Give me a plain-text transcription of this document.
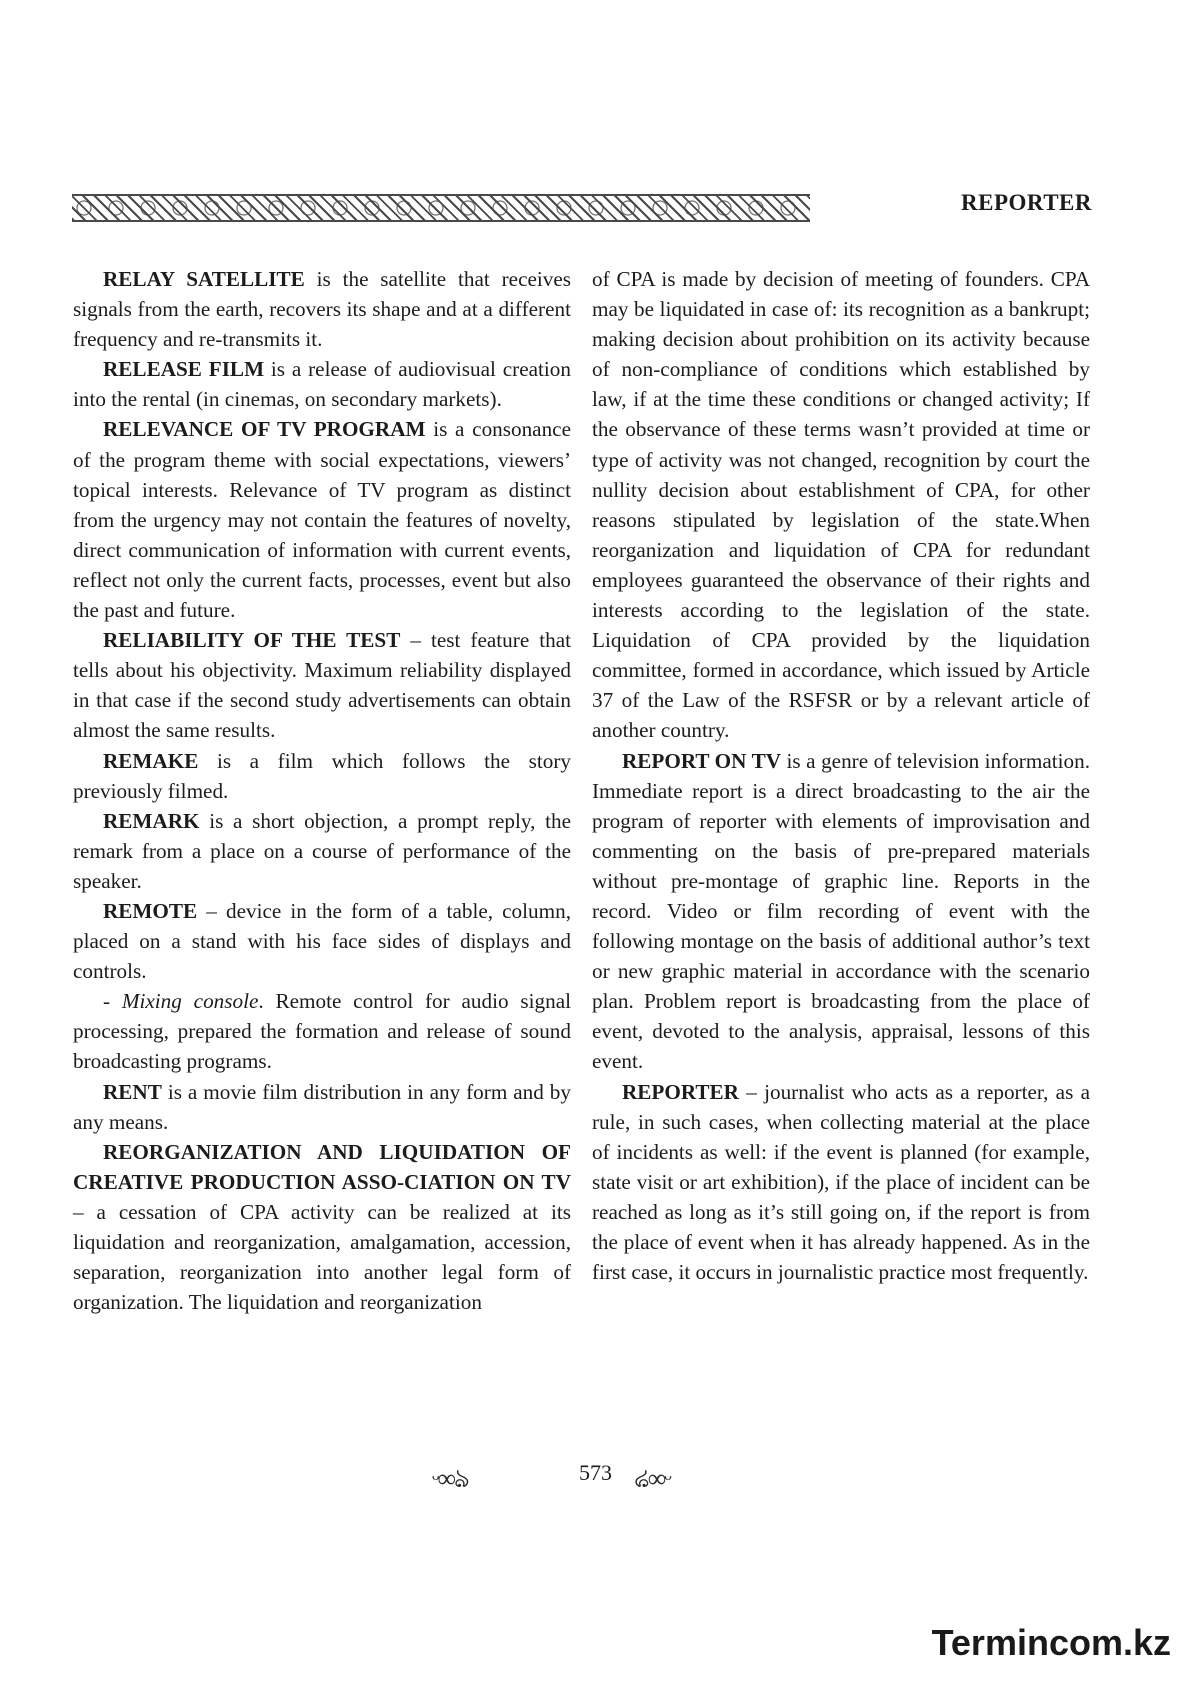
REPORTER

RELAY SATELLITE is the satellite that receives signals from the earth, recovers its shape and at a different frequency and re-transmits it.

RELEASE FILM is a release of audiovisual creation into the rental (in cinemas, on secondary markets).

RELEVANCE OF TV PROGRAM is a consonance of the program theme with social expectations, viewers’ topical interests. Relevance of TV program as distinct from the urgency may not contain the features of novelty, direct communication of information with current events, reflect not only the current facts, processes, event but also the past and future.

RELIABILITY OF THE TEST – test feature that tells about his objectivity. Maximum reliability displayed in that case if the second study advertisements can obtain almost the same results.

REMAKE is a film which follows the story previously filmed.

REMARK is a short objection, a prompt reply, the remark from a place on a course of performance of the speaker.

REMOTE – device in the form of a table, column, placed on a stand with his face sides of displays and controls.

- Mixing console. Remote control for audio signal processing, prepared the formation and release of sound broadcasting programs.

RENT is a movie film distribution in any form and by any means.

REORGANIZATION AND LIQUIDATION OF CREATIVE PRODUCTION ASSO-CIATION ON TV – a cessation of CPA activity can be realized at its liquidation and reorganization, amalgamation, accession, separation, reorganization into another legal form of organization. The liquidation and reorganization

of CPA is made by decision of meeting of founders. CPA may be liquidated in case of: its recognition as a bankrupt; making decision about prohibition on its activity because of non-compliance of conditions which established by law, if at the time these conditions or changed activity; If the observance of these terms wasn’t provided at time or type of activity was not changed, recognition by court the nullity decision about establishment of CPA, for other reasons stipulated by legislation of the state.When reorganization and liquidation of CPA for redundant employees guaranteed the observance of their rights and interests according to the legislation of the state. Liquidation of CPA provided by the liquidation committee, formed in accordance, which issued by Article 37 of the Law of the RSFSR or by a relevant article of another country.

REPORT ON TV is a genre of television information. Immediate report is a direct broadcasting to the air the program of reporter with elements of improvisation and commenting on the basis of pre-prepared materials without pre-montage of graphic line. Reports in the record. Video or film recording of event with the following montage on the basis of additional author’s text or new graphic material in accordance with the scenario plan. Problem report is broadcasting from the place of event, devoted to the analysis, appraisal, lessons of this event.

REPORTER – journalist who acts as a reporter, as a rule, in such cases, when collecting material at the place of incidents as well: if the event is planned (for example, state visit or art exhibition), if the place of incident can be reached as long as it’s still going on, if the report is from the place of event when it has already happened. As in the first case, it occurs in journalistic practice most frequently.

ᵕ∞ঌ	573 ᵕ∞ঌ
Termincom.kz
